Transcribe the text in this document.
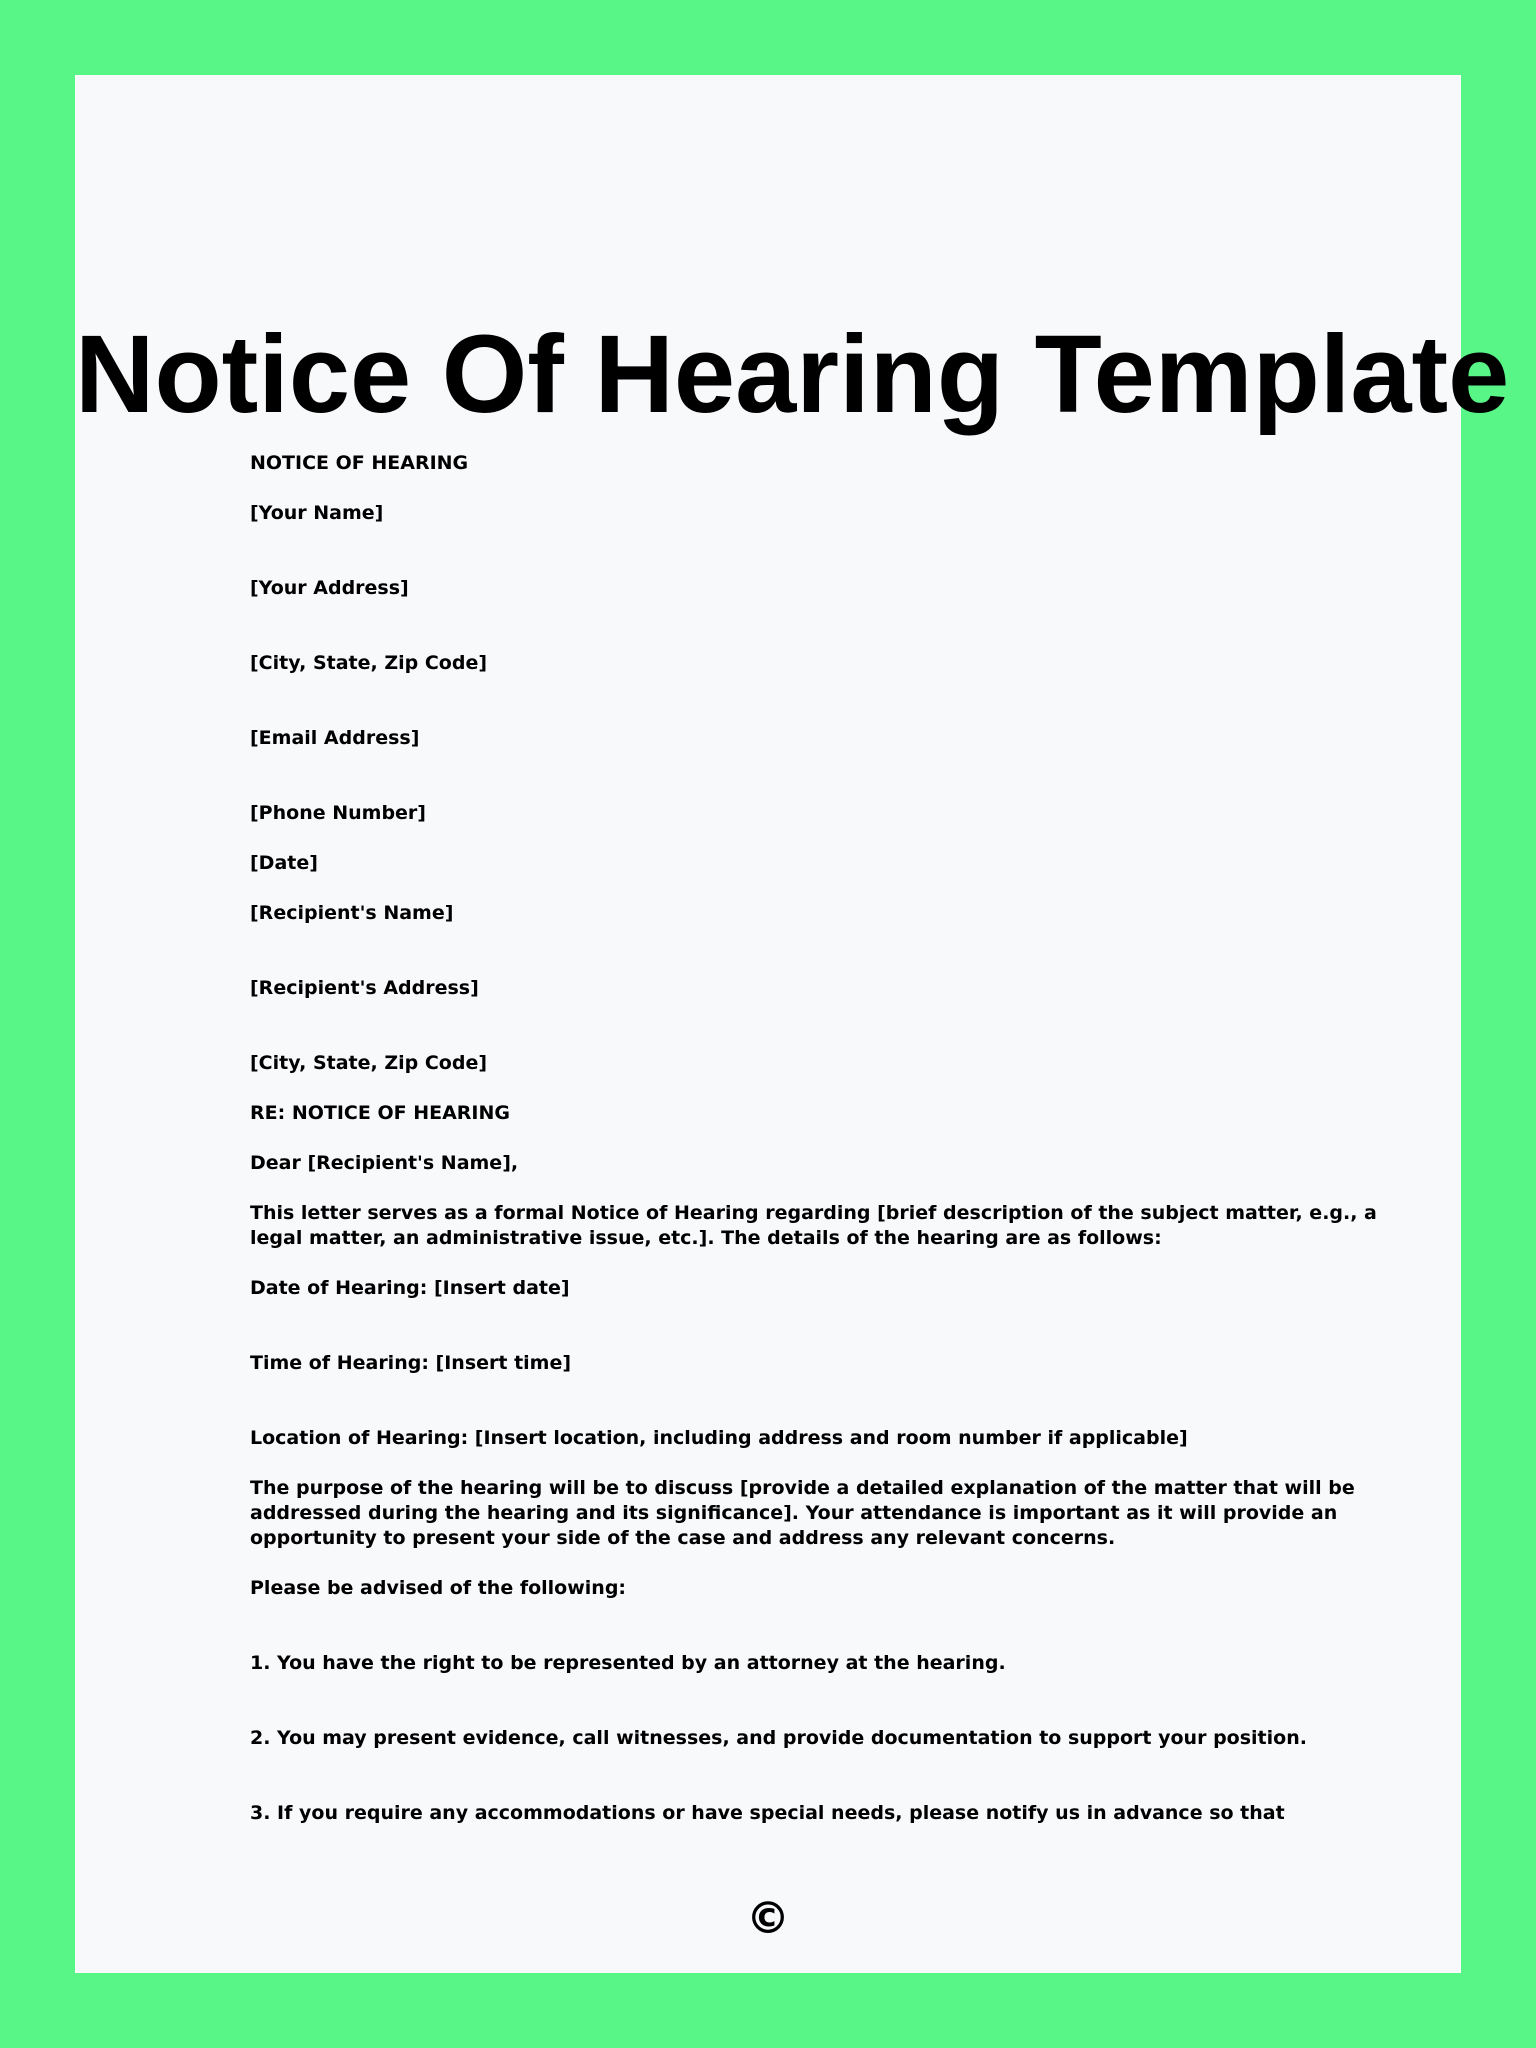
Notice Of Hearing Template

NOTICE OF HEARING

[Your Name]

[Your Address]

[City, State, Zip Code]

[Email Address]

[Phone Number]

[Date]

[Recipient's Name]

[Recipient's Address]

[City, State, Zip Code]

RE: NOTICE OF HEARING

Dear [Recipient's Name],

This letter serves as a formal Notice of Hearing regarding [brief description of the subject matter, e.g., a

legal matter, an administrative issue, etc.]. The details of the hearing are as follows:

Date of Hearing: [Insert date]

Time of Hearing: [Insert time]

Location of Hearing: [Insert location, including address and room number if applicable]

The purpose of the hearing will be to discuss [provide a detailed explanation of the matter that will be

addressed during the hearing and its significance]. Your attendance is important as it will provide an

opportunity to present your side of the case and address any relevant concerns.

Please be advised of the following:

1. You have the right to be represented by an attorney at the hearing.

2. You may present evidence, call witnesses, and provide documentation to support your position.

3. If you require any accommodations or have special needs, please notify us in advance so that

©
